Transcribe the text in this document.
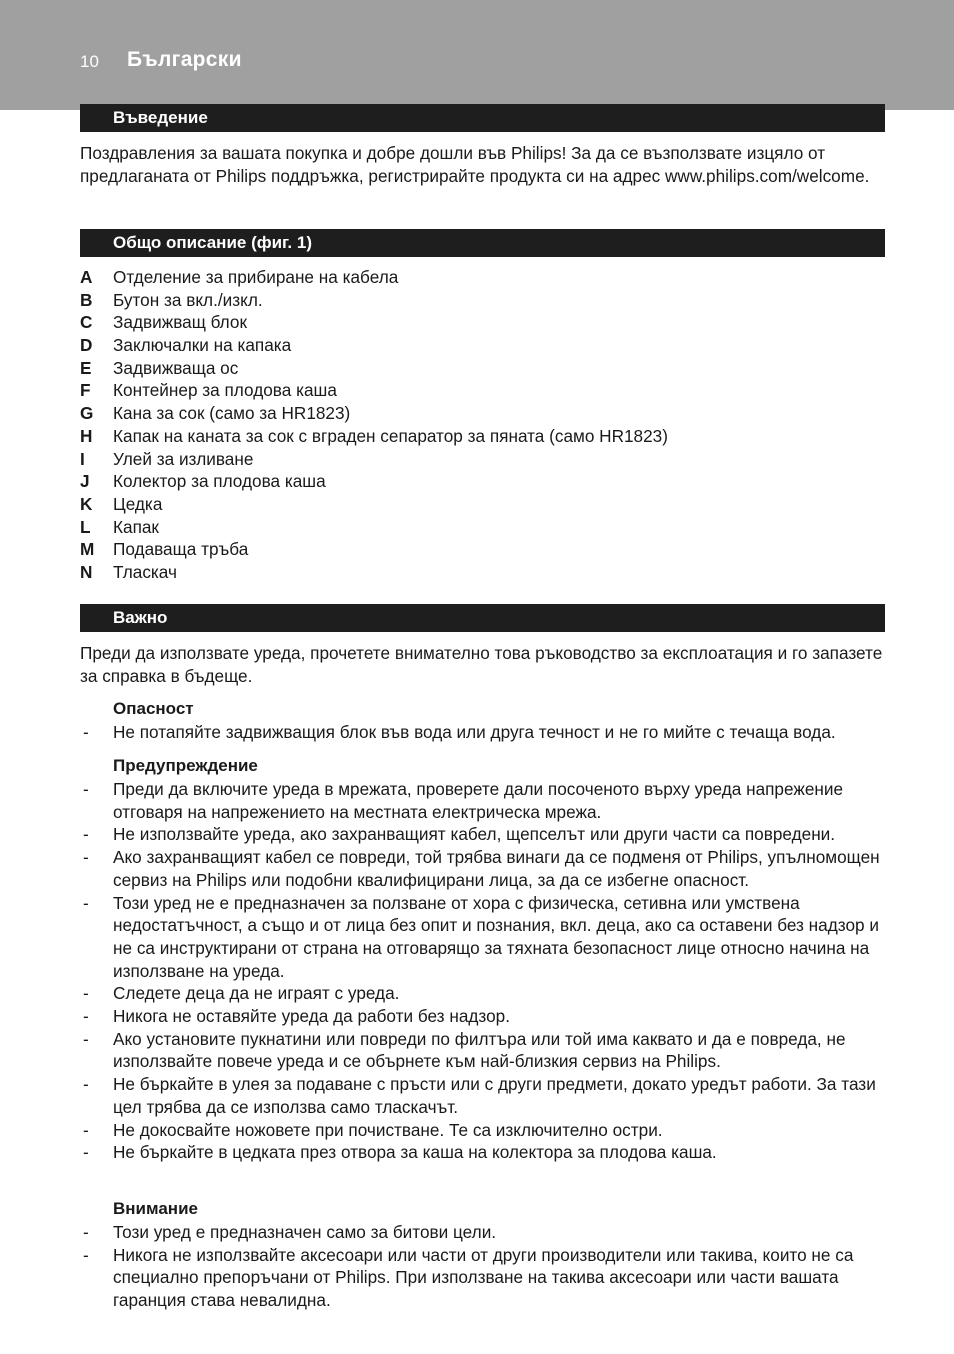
10 Български
Въведение

Поздравления за вашата покупка и добре дошли във Philips! За да се възползвате изцяло от предлаганата от Philips поддръжка, регистрирайте продукта си на адрес www.philips.com/welcome.

Общо описание (фиг. 1)
A Отделение за прибиране на кабела
B Бутон за вкл./изкл.
C Задвижващ блок
D Заключалки на капака
E Задвижваща ос
F Контейнер за плодова каша
G Кана за сок (само за HR1823)
H Капак на каната за сок с вграден сепаратор за пяната (само HR1823)
I Улей за изливане
J Колектор за плодова каша
K Цедка
L Капак
M Подаваща тръба
N Тласкач
Важно

Преди да използвате уреда, прочетете внимателно това ръководство за експлоатация и го запазете за справка в бъдеще.

Опасност

- Не потапяйте задвижващия блок във вода или друга течност и не го мийте с течаща вода.

Предупреждение

- Преди да включите уреда в мрежата, проверете дали посоченото върху уреда напрежение отговаря на напрежението на местната електрическа мрежа.
- Не използвайте уреда, ако захранващият кабел, щепселът или други части са повредени.
- Ако захранващият кабел се повреди, той трябва винаги да се подменя от Philips, упълномощен сервиз на Philips или подобни квалифицирани лица, за да се избегне опасност.
- Този уред не е предназначен за ползване от хора с физическа, сетивна или умствена недостатъчност, а също и от лица без опит и познания, вкл. деца, ако са оставени без надзор и не са инструктирани от страна на отговарящо за тяхната безопасност лице относно начина на използване на уреда.
- Следете деца да не играят с уреда.
- Никога не оставяйте уреда да работи без надзор.
- Ако установите пукнатини или повреди по филтъра или той има каквато и да е повреда, не използвайте повече уреда и се обърнете към най-близкия сервиз на Philips.
- Не бъркайте в улея за подаване с пръсти или с други предмети, докато уредът работи. За тази цел трябва да се използва само тласкачът.
- Не докосвайте ножовете при почистване. Те са изключително остри.
- Не бъркайте в цедката през отвора за каша на колектора за плодова каша.

Внимание

- Този уред е предназначен само за битови цели.
- Никога не използвайте аксесоари или части от други производители или такива, които не са специално препоръчани от Philips. При използване на такива аксесоари или части вашата гаранция става невалидна.
